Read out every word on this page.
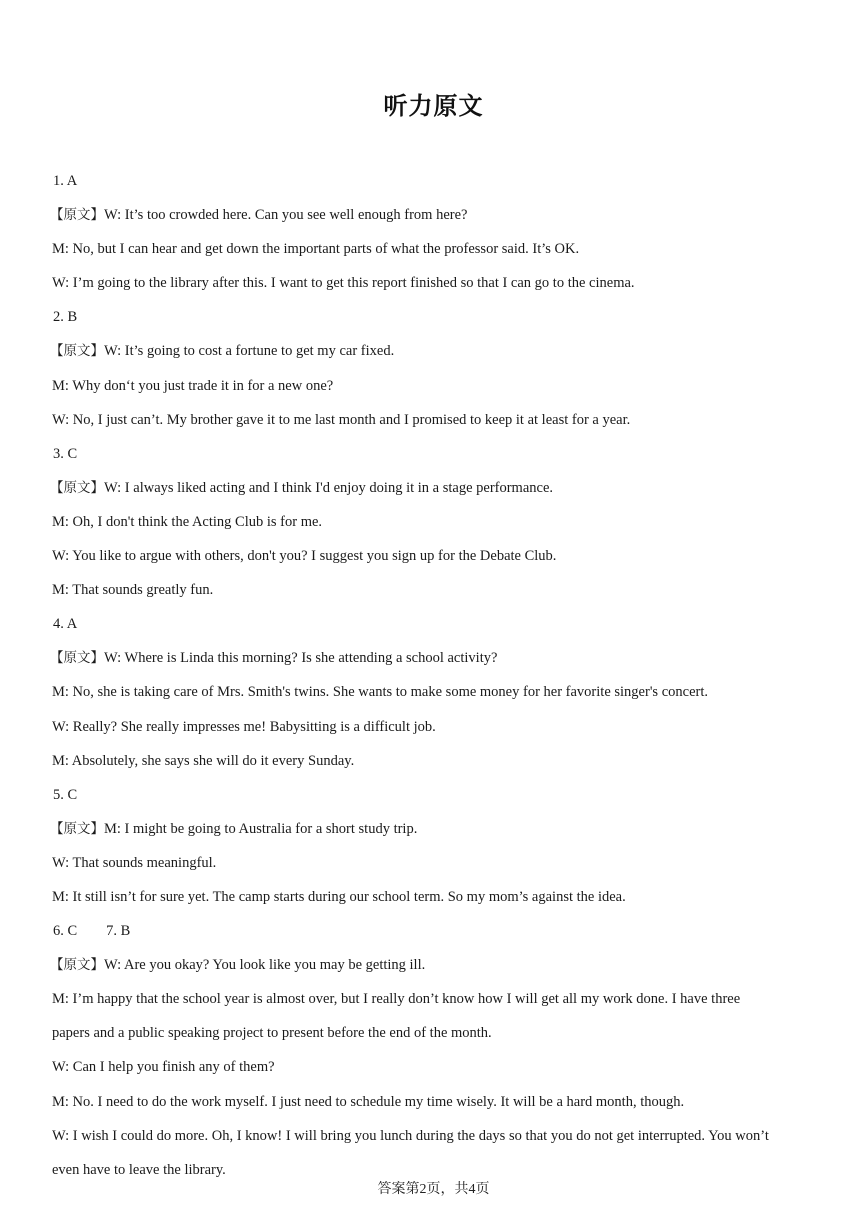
听力原文
1. A
【原文】W: It’s too crowded here. Can you see well enough from here?
M: No, but I can hear and get down the important parts of what the professor said. It’s OK.
W: I’m going to the library after this. I want to get this report finished so that I can go to the cinema.
2. B
【原文】W: It’s going to cost a fortune to get my car fixed.
M: Why don‘t you just trade it in for a new one?
W: No, I just can’t. My brother gave it to me last month and I promised to keep it at least for a year.
3. C
【原文】W: I always liked acting and I think I'd enjoy doing it in a stage performance.
M: Oh, I don't think the Acting Club is for me.
W: You like to argue with others, don't you? I suggest you sign up for the Debate Club.
M: That sounds greatly fun.
4. A
【原文】W: Where is Linda this morning? Is she attending a school activity?
M: No, she is taking care of Mrs. Smith's twins. She wants to make some money for her favorite singer's concert.
W: Really? She really impresses me! Babysitting is a difficult job.
M: Absolutely, she says she will do it every Sunday.
5. C
【原文】M: I might be going to Australia for a short study trip.
W: That sounds meaningful.
M: It still isn’t for sure yet. The camp starts during our school term. So my mom’s against the idea.
6. C 7. B
【原文】W: Are you okay? You look like you may be getting ill.
M: I’m happy that the school year is almost over, but I really don’t know how I will get all my work done. I have three
papers and a public speaking project to present before the end of the month.
W: Can I help you finish any of them?
M: No. I need to do the work myself. I just need to schedule my time wisely. It will be a hard month, though.
W: I wish I could do more. Oh, I know! I will bring you lunch during the days so that you do not get interrupted. You won’t
even have to leave the library.
答案第2页，共4页
